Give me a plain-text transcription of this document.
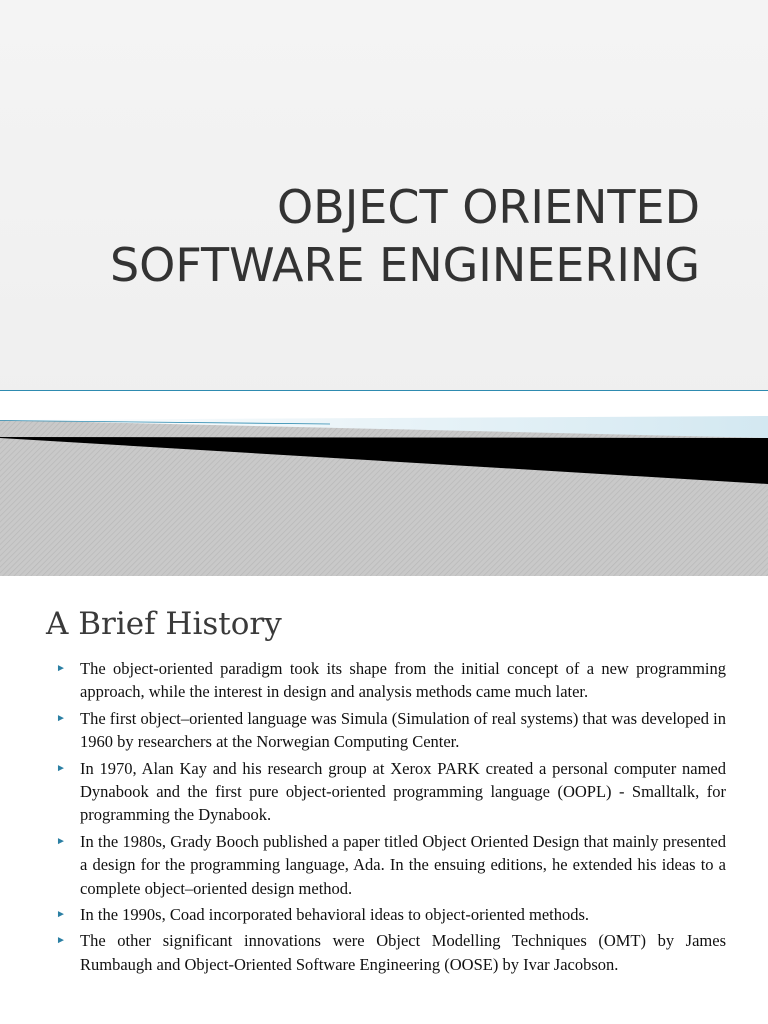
OBJECT ORIENTED
SOFTWARE ENGINEERING
A Brief History
► The object-oriented paradigm took its shape from the initial concept of a new programming approach, while the interest in design and analysis methods came much later.
► The first object–oriented language was Simula (Simulation of real systems) that was developed in 1960 by researchers at the Norwegian Computing Center.
► In 1970, Alan Kay and his research group at Xerox PARK created a personal computer named Dynabook and the first pure object-oriented programming language (OOPL) - Smalltalk, for programming the Dynabook.
► In the 1980s, Grady Booch published a paper titled Object Oriented Design that mainly presented a design for the programming language, Ada. In the ensuing editions, he extended his ideas to a complete object–oriented design method.
► In the 1990s, Coad incorporated behavioral ideas to object-oriented methods.
► The other significant innovations were Object Modelling Techniques (OMT) by James Rumbaugh and Object-Oriented Software Engineering (OOSE) by Ivar Jacobson.
